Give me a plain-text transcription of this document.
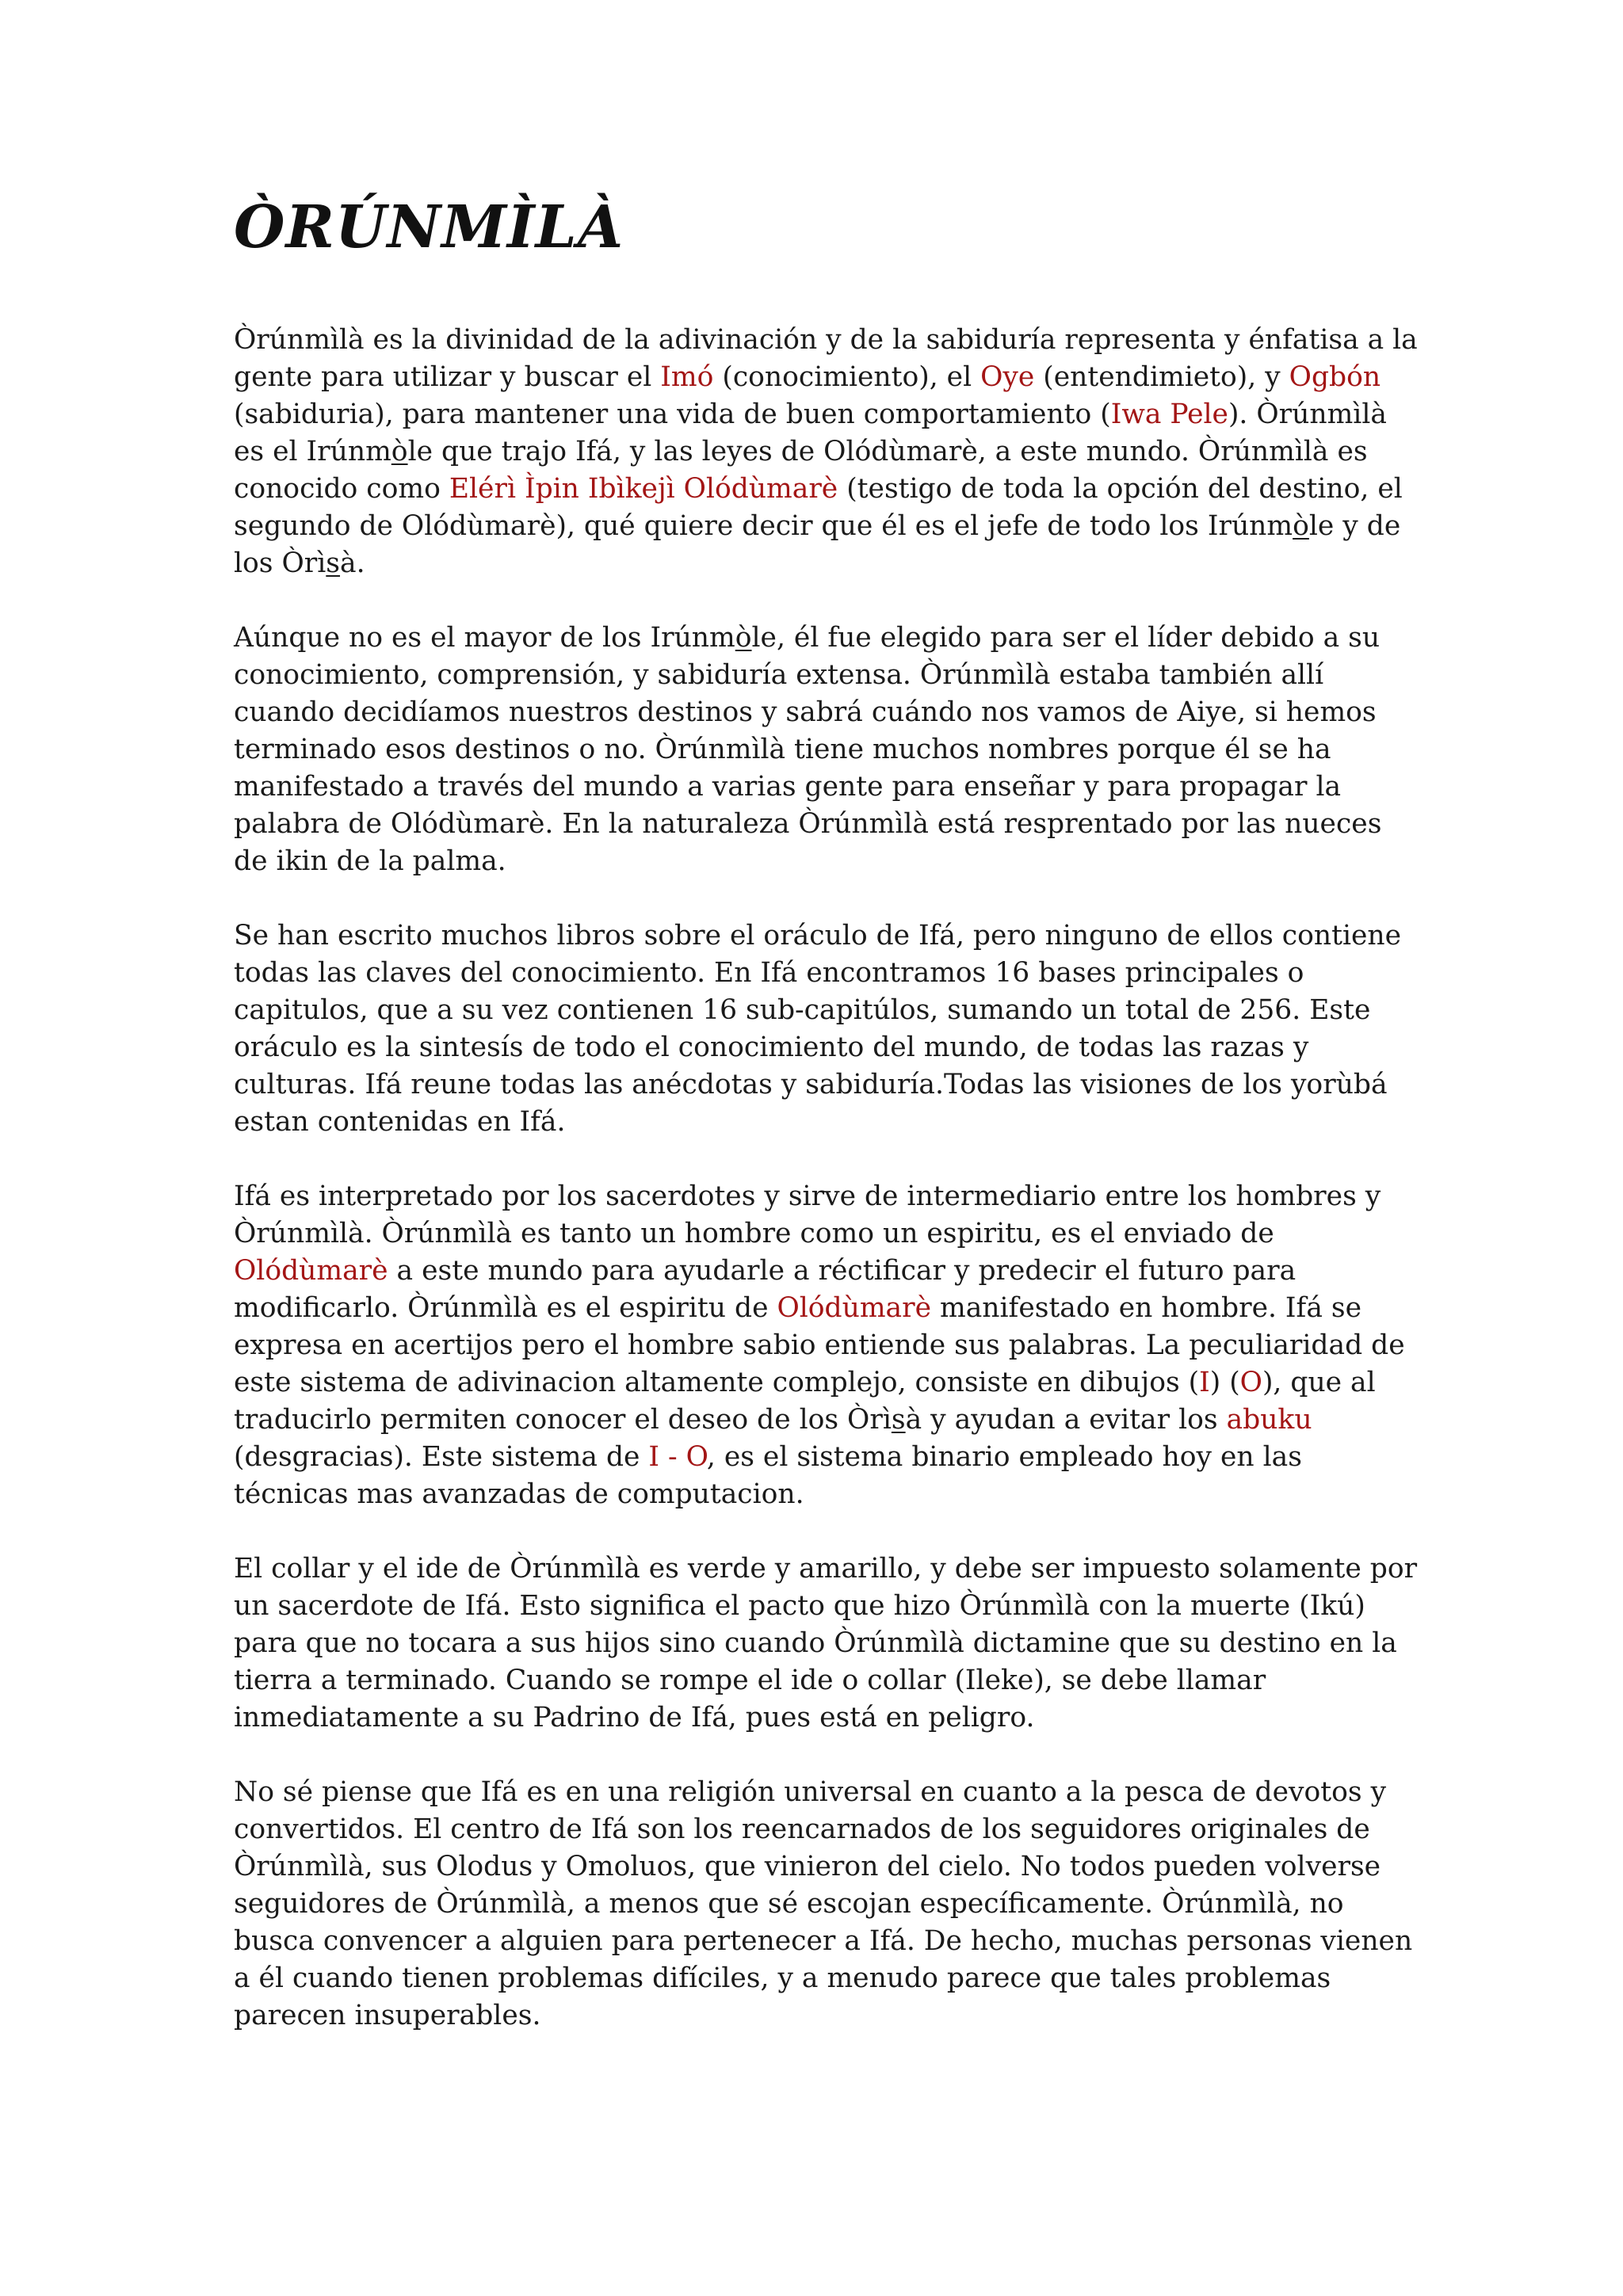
ÒRÚNMÌLÀ

Òrúnmìlà es la divinidad de la adivinación y de la sabiduría representa y énfatisa a la gente para utilizar y buscar el Imó (conocimiento), el Oye (entendimieto), y Ogbón (sabiduria), para mantener una vida de buen comportamiento (Iwa Pele). Òrúnmìlà es el Irúnmòle que trajo Ifá, y las leyes de Olódùmarè, a este mundo. Òrúnmìlà es conocido como Elérì Ìpin Ibìkejì Olódùmarè (testigo de toda la opción del destino, el segundo de Olódùmarè), qué quiere decir que él es el jefe de todo los Irúnmòle y de los Òrìsà.

Aúnque no es el mayor de los Irúnmòle, él fue elegido para ser el líder debido a su conocimiento, comprensión, y sabiduría extensa. Òrúnmìlà estaba también allí cuando decidíamos nuestros destinos y sabrá cuándo nos vamos de Aiye, si hemos terminado esos destinos o no. Òrúnmìlà tiene muchos nombres porque él se ha manifestado a través del mundo a varias gente para enseñar y para propagar la palabra de Olódùmarè. En la naturaleza Òrúnmìlà está resprentado por las nueces de ikin de la palma.

Se han escrito muchos libros sobre el oráculo de Ifá, pero ninguno de ellos contiene todas las claves del conocimiento. En Ifá encontramos 16 bases principales o capitulos, que a su vez contienen 16 sub-capitúlos, sumando un total de 256. Este oráculo es la sintesís de todo el conocimiento del mundo, de todas las razas y culturas. Ifá reune todas las anécdotas y sabiduría.Todas las visiones de los yorùbá estan contenidas en Ifá.

Ifá es interpretado por los sacerdotes y sirve de intermediario entre los hombres y Òrúnmìlà. Òrúnmìlà es tanto un hombre como un espiritu, es el enviado de Olódùmarè a este mundo para ayudarle a réctificar y predecir el futuro para modificarlo. Òrúnmìlà es el espiritu de Olódùmarè manifestado en hombre. Ifá se expresa en acertijos pero el hombre sabio entiende sus palabras. La peculiaridad de este sistema de adivinacion altamente complejo, consiste en dibujos (I) (O), que al traducirlo permiten conocer el deseo de los Òrìsà y ayudan a evitar los abuku (desgracias). Este sistema de I - O, es el sistema binario empleado hoy en las técnicas mas avanzadas de computacion.

El collar y el ide de Òrúnmìlà es verde y amarillo, y debe ser impuesto solamente por un sacerdote de Ifá. Esto significa el pacto que hizo Òrúnmìlà con la muerte (Ikú) para que no tocara a sus hijos sino cuando Òrúnmìlà dictamine que su destino en la tierra a terminado. Cuando se rompe el ide o collar (Ileke), se debe llamar inmediatamente a su Padrino de Ifá, pues está en peligro.

No sé piense que Ifá es en una religión universal en cuanto a la pesca de devotos y convertidos. El centro de Ifá son los reencarnados de los seguidores originales de Òrúnmìlà, sus Olodus y Omoluos, que vinieron del cielo. No todos pueden volverse seguidores de Òrúnmìlà, a menos que sé escojan específicamente. Òrúnmìlà, no busca convencer a alguien para pertenecer a Ifá. De hecho, muchas personas vienen a él cuando tienen problemas difíciles, y a menudo parece que tales problemas parecen insuperables.
